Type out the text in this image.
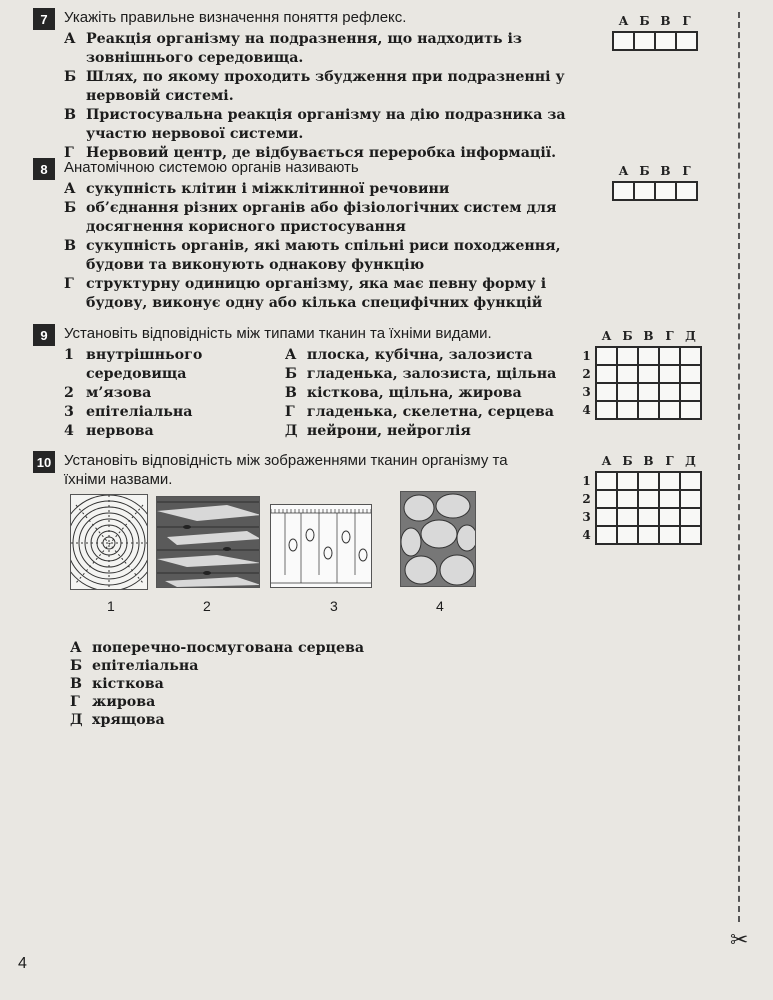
✂
4
7	Укажіть правильне визначення поняття рефлекс.
А Реакція організму на подразнення, що надходить із зовнішнього середовища.
Б Шлях, по якому проходить збудження при подразненні у нервовій системі.
В Пристосувальна реакція організму на дію подразника за участю нервової системи.
Г Нервовий центр, де відбувається переробка інформації.
А	Б	В	Г

8	Анатомічною системою органів називають
А сукупність клітин і міжклітинної речовини
Б об’єднання різних органів або фізіологічних систем для досягнення корисного пристосування
В сукупність органів, які мають спільні риси походження, будови та виконують однакову функцію
Г структурну одиницю організму, яка має певну форму і будову, виконує одну або кілька специфічних функцій
А	Б	В	Г

9	Установіть відповідність між типами тканин та їхніми видами.
1 внутрішнього середовища
2 м’язова
3 епітеліальна
4 нервова
А плоска, кубічна, залозиста
Б гладенька, залозиста, щільна
В кісткова, щільна, жирова
Г гладенька, скелетна, серцева
Д нейрони, нейроглія
	А	Б	В	Г	Д
1					
2					
3					
4					
10 Установіть відповідність між зображеннями тканин організму та їхніми назвами.
	А	Б	В	Г	Д
1					
2					
3					
4					
1	2	3	4
А поперечно-посмугована серцева
Б епітеліальна
В кісткова
Г жирова
Д хрящова
